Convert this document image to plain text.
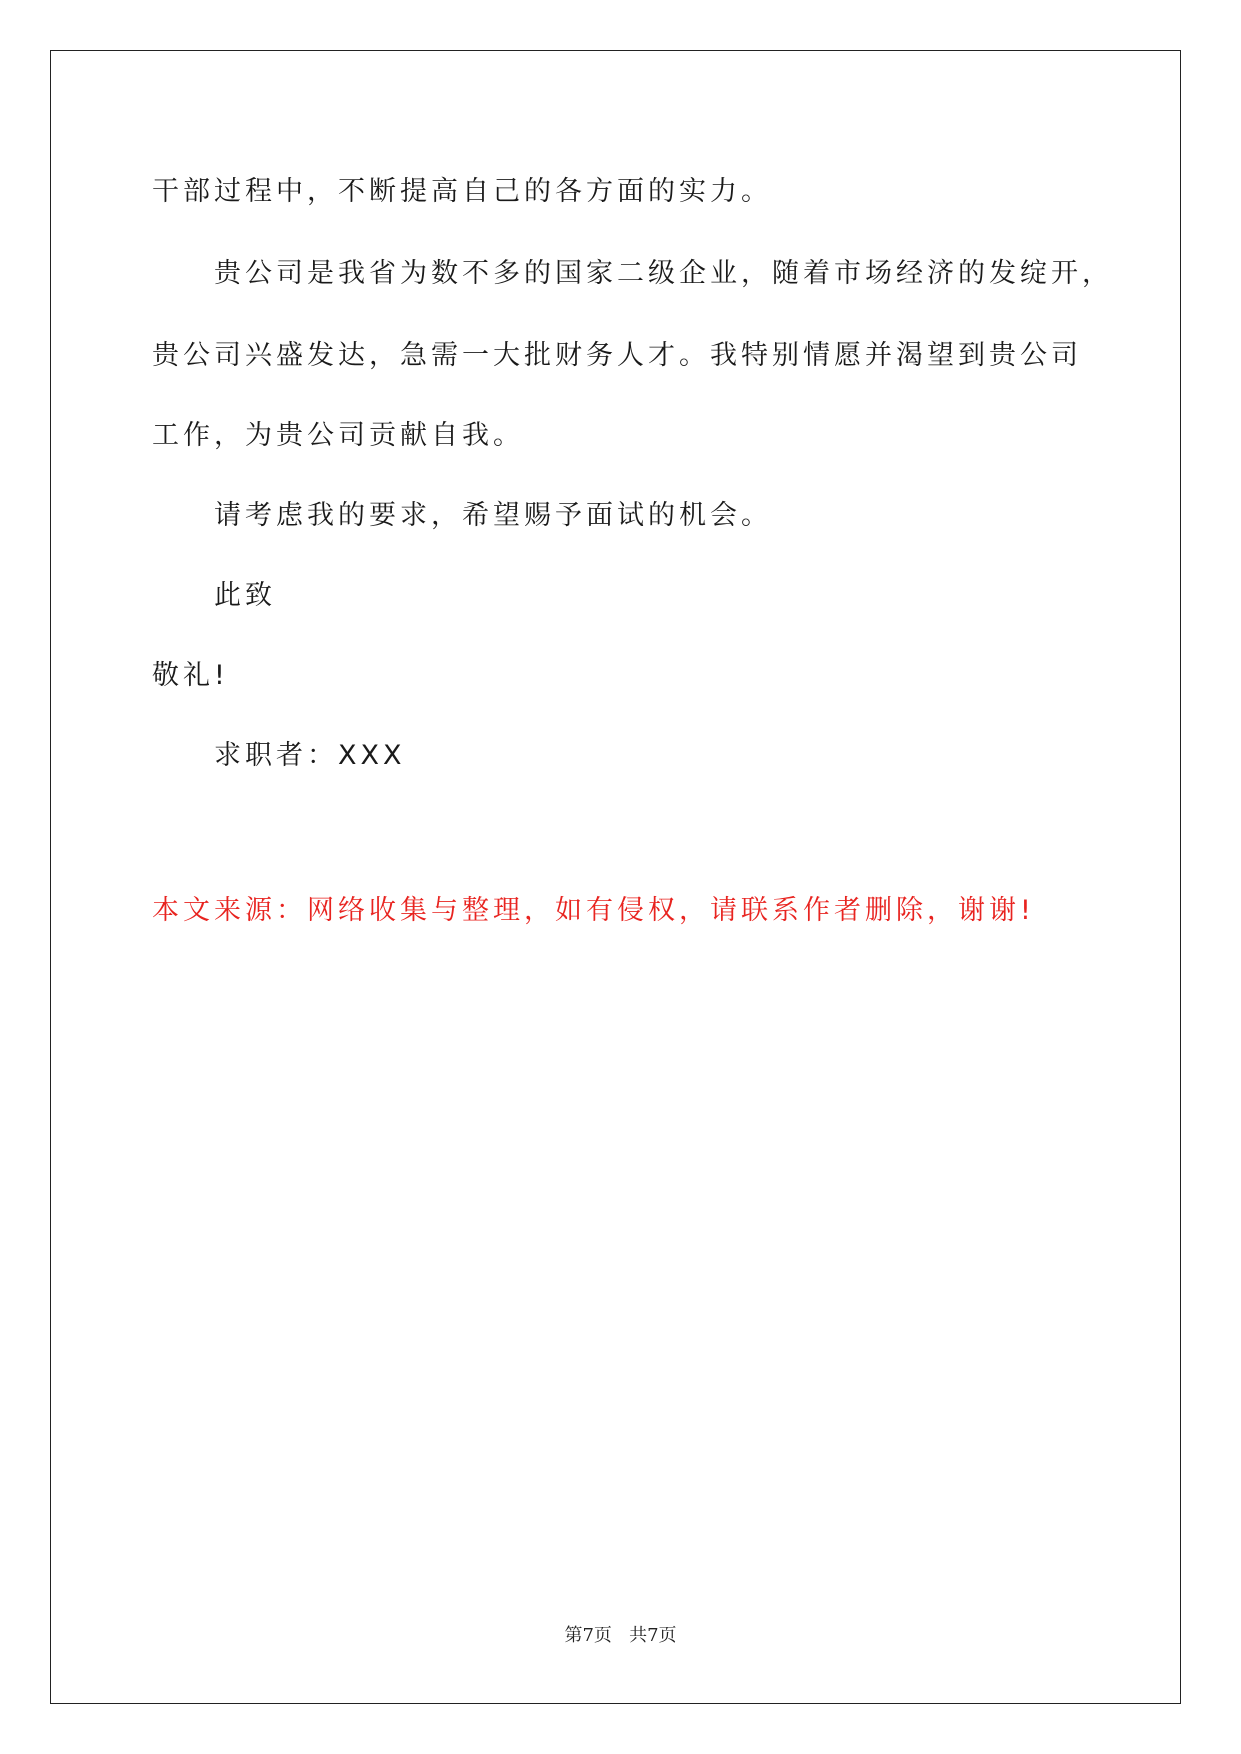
干部过程中，不断提高自己的各方面的实力。
贵公司是我省为数不多的国家二级企业，随着市场经济的发绽开，
贵公司兴盛发达，急需一大批财务人才。我特别情愿并渴望到贵公司
工作，为贵公司贡献自我。
请考虑我的要求，希望赐予面试的机会。
此致
敬礼!
求职者：XXX
本文来源：网络收集与整理，如有侵权，请联系作者删除，谢谢!
第7页   共7页
